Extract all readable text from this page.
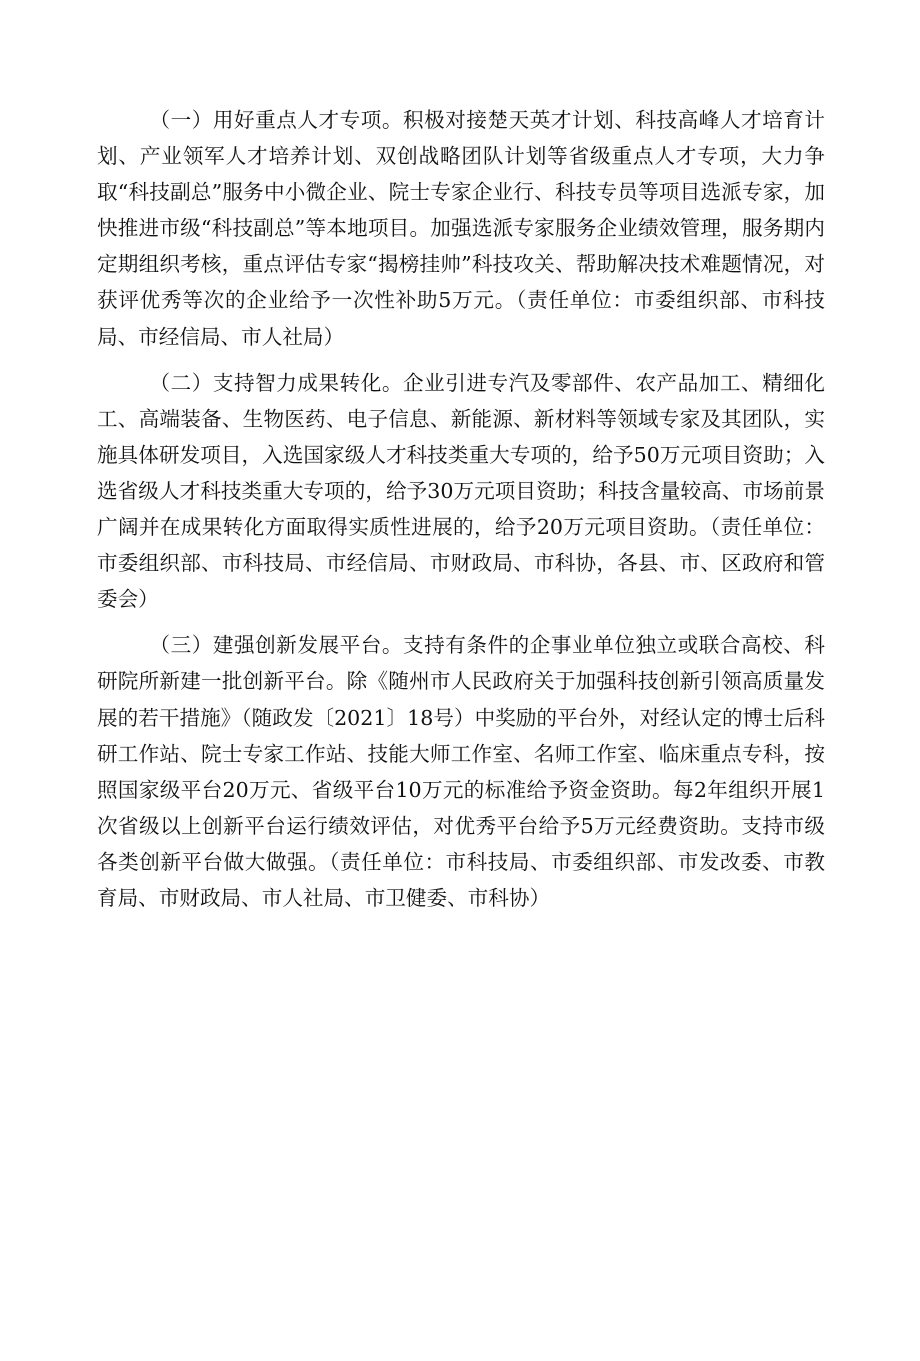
（一）用好重点人才专项。积极对接楚天英才计划、科技高峰人才培育计划、产业领军人才培养计划、双创战略团队计划等省级重点人才专项，大力争取“科技副总”服务中小微企业、院士专家企业行、科技专员等项目选派专家，加快推进市级“科技副总”等本地项目。加强选派专家服务企业绩效管理，服务期内定期组织考核，重点评估专家“揭榜挂帅”科技攻关、帮助解决技术难题情况，对获评优秀等次的企业给予一次性补助5万元。（责任单位：市委组织部、市科技局、市经信局、市人社局）

（二）支持智力成果转化。企业引进专汽及零部件、农产品加工、精细化工、高端装备、生物医药、电子信息、新能源、新材料等领域专家及其团队，实施具体研发项目，入选国家级人才科技类重大专项的，给予50万元项目资助；入选省级人才科技类重大专项的，给予30万元项目资助；科技含量较高、市场前景广阔并在成果转化方面取得实质性进展的，给予20万元项目资助。（责任单位：市委组织部、市科技局、市经信局、市财政局、市科协，各县、市、区政府和管委会）

（三）建强创新发展平台。支持有条件的企事业单位独立或联合高校、科研院所新建一批创新平台。除《随州市人民政府关于加强科技创新引领高质量发展的若干措施》（随政发〔2021〕18号）中奖励的平台外，对经认定的博士后科研工作站、院士专家工作站、技能大师工作室、名师工作室、临床重点专科，按照国家级平台20万元、省级平台10万元的标准给予资金资助。每2年组织开展1次省级以上创新平台运行绩效评估，对优秀平台给予5万元经费资助。支持市级各类创新平台做大做强。（责任单位：市科技局、市委组织部、市发改委、市教育局、市财政局、市人社局、市卫健委、市科协）
